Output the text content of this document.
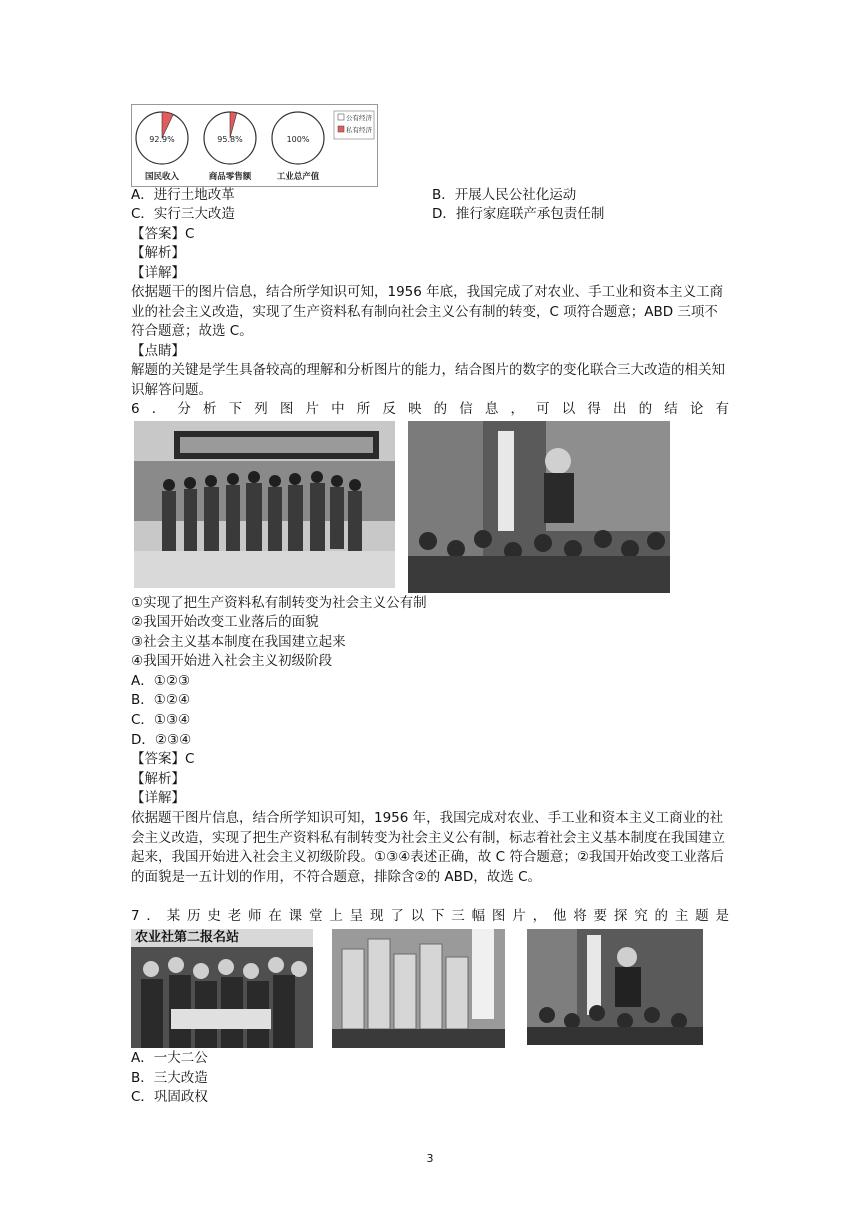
92.9%
国民收入
95.8%
商品零售额
100%
工业总产值
公有经济
私有经济
A．进行土地改革	B．开展人民公社化运动
C．实行三大改造	D．推行家庭联产承包责任制
【答案】C
【解析】
【详解】
依据题干的图片信息，结合所学知识可知，1956 年底，我国完成了对农业、手工业和资本主义工商业的社会主义改造，实现了生产资料私有制向社会主义公有制的转变，C 项符合题意；ABD 三项不符合题意；故选 C。
【点睛】
解题的关键是学生具备较高的理解和分析图片的能力，结合图片的数字的变化联合三大改造的相关知识解答问题。
6．分析下列图片中所反映的信息，可以得出的结论有
①实现了把生产资料私有制转变为社会主义公有制
②我国开始改变工业落后的面貌
③社会主义基本制度在我国建立起来
④我国开始进入社会主义初级阶段
A．①②③
B．①②④
C．①③④
D．②③④
【答案】C
【解析】
【详解】
依据题干图片信息，结合所学知识可知，1956 年，我国完成对农业、手工业和资本主义工商业的社会主义改造，实现了把生产资料私有制转变为社会主义公有制，标志着社会主义基本制度在我国建立起来，我国开始进入社会主义初级阶段。①③④表述正确，故 C 符合题意；②我国开始改变工业落后的面貌是一五计划的作用，不符合题意，排除含②的 ABD，故选 C。
7．某历史老师在课堂上呈现了以下三幅图片，他将要探究的主题是
农业社第二报名站
A．一大二公
B．三大改造
C．巩固政权
3
